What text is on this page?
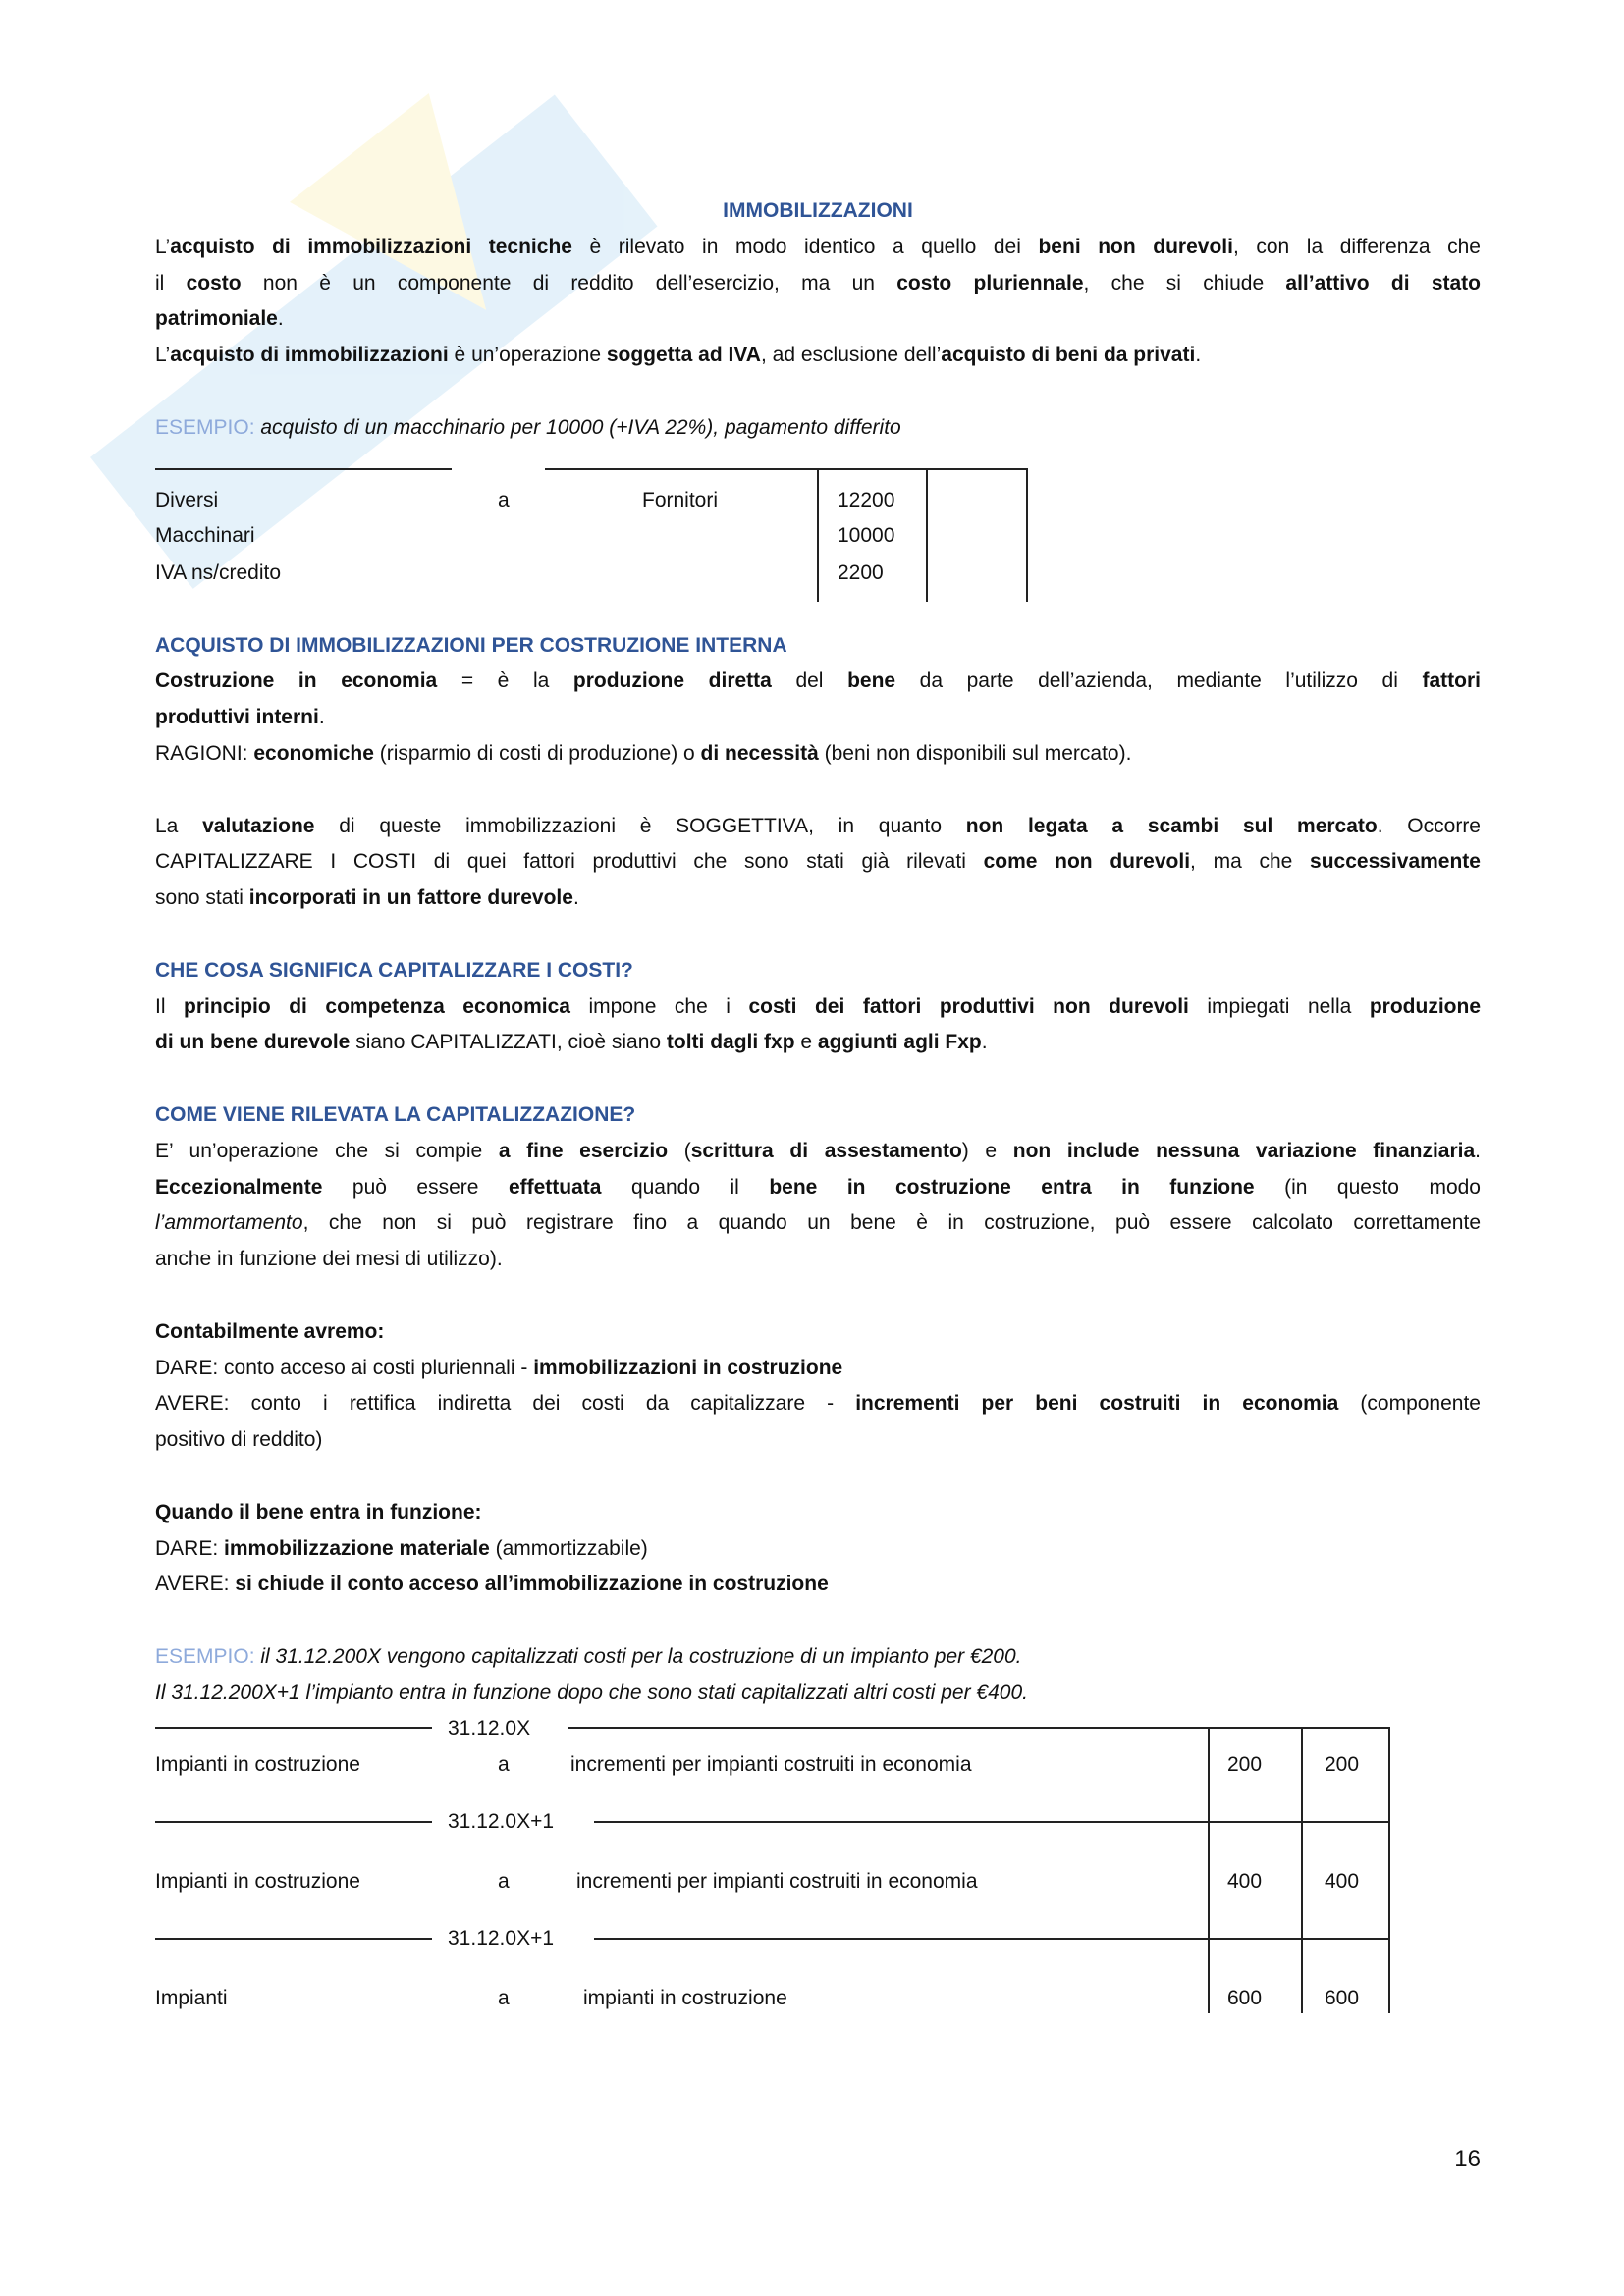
IMMOBILIZZAZIONI
L’acquisto di immobilizzazioni tecniche è rilevato in modo identico a quello dei beni non durevoli, con la differenza che
il costo non è un componente di reddito dell’esercizio, ma un costo pluriennale, che si chiude all’attivo di stato
patrimoniale.
L’acquisto di immobilizzazioni è un’operazione soggetta ad IVA, ad esclusione dell’acquisto di beni da privati.
ESEMPIO: acquisto di un macchinario per 10000 (+IVA 22%), pagamento differito
Diversi	a	Fornitori	12200
Macchinari	10000
IVA ns/credito	2200
ACQUISTO DI IMMOBILIZZAZIONI PER COSTRUZIONE INTERNA
Costruzione in economia = è la produzione diretta del bene da parte dell’azienda, mediante l’utilizzo di fattori
produttivi interni.
RAGIONI: economiche (risparmio di costi di produzione) o di necessità (beni non disponibili sul mercato).
La valutazione di queste immobilizzazioni è SOGGETTIVA, in quanto non legata a scambi sul mercato. Occorre
CAPITALIZZARE I COSTI di quei fattori produttivi che sono stati già rilevati come non durevoli, ma che successivamente
sono stati incorporati in un fattore durevole.
CHE COSA SIGNIFICA CAPITALIZZARE I COSTI?
Il principio di competenza economica impone che i costi dei fattori produttivi non durevoli impiegati nella produzione
di un bene durevole siano CAPITALIZZATI, cioè siano tolti dagli fxp e aggiunti agli Fxp.
COME VIENE RILEVATA LA CAPITALIZZAZIONE?
E’ un’operazione che si compie a fine esercizio (scrittura di assestamento) e non include nessuna variazione finanziaria.
Eccezionalmente può essere effettuata quando il bene in costruzione entra in funzione (in questo modo
l’ammortamento, che non si può registrare fino a quando un bene è in costruzione, può essere calcolato correttamente
anche in funzione dei mesi di utilizzo).
Contabilmente avremo:
DARE: conto acceso ai costi pluriennali - immobilizzazioni in costruzione
AVERE: conto i rettifica indiretta dei costi da capitalizzare - incrementi per beni costruiti in economia (componente
positivo di reddito)
Quando il bene entra in funzione:
DARE: immobilizzazione materiale (ammortizzabile)
AVERE: si chiude il conto acceso all’immobilizzazione in costruzione
ESEMPIO: il 31.12.200X vengono capitalizzati costi per la costruzione di un impianto per €200.
Il 31.12.200X+1 l’impianto entra in funzione dopo che sono stati capitalizzati altri costi per €400.
31.12.0X
Impianti in costruzione	a	incrementi per impianti costruiti in economia	200	200
31.12.0X+1
Impianti in costruzione	a	incrementi per impianti costruiti in economia	400	400
31.12.0X+1
Impianti	a	impianti in costruzione	600	600
16
